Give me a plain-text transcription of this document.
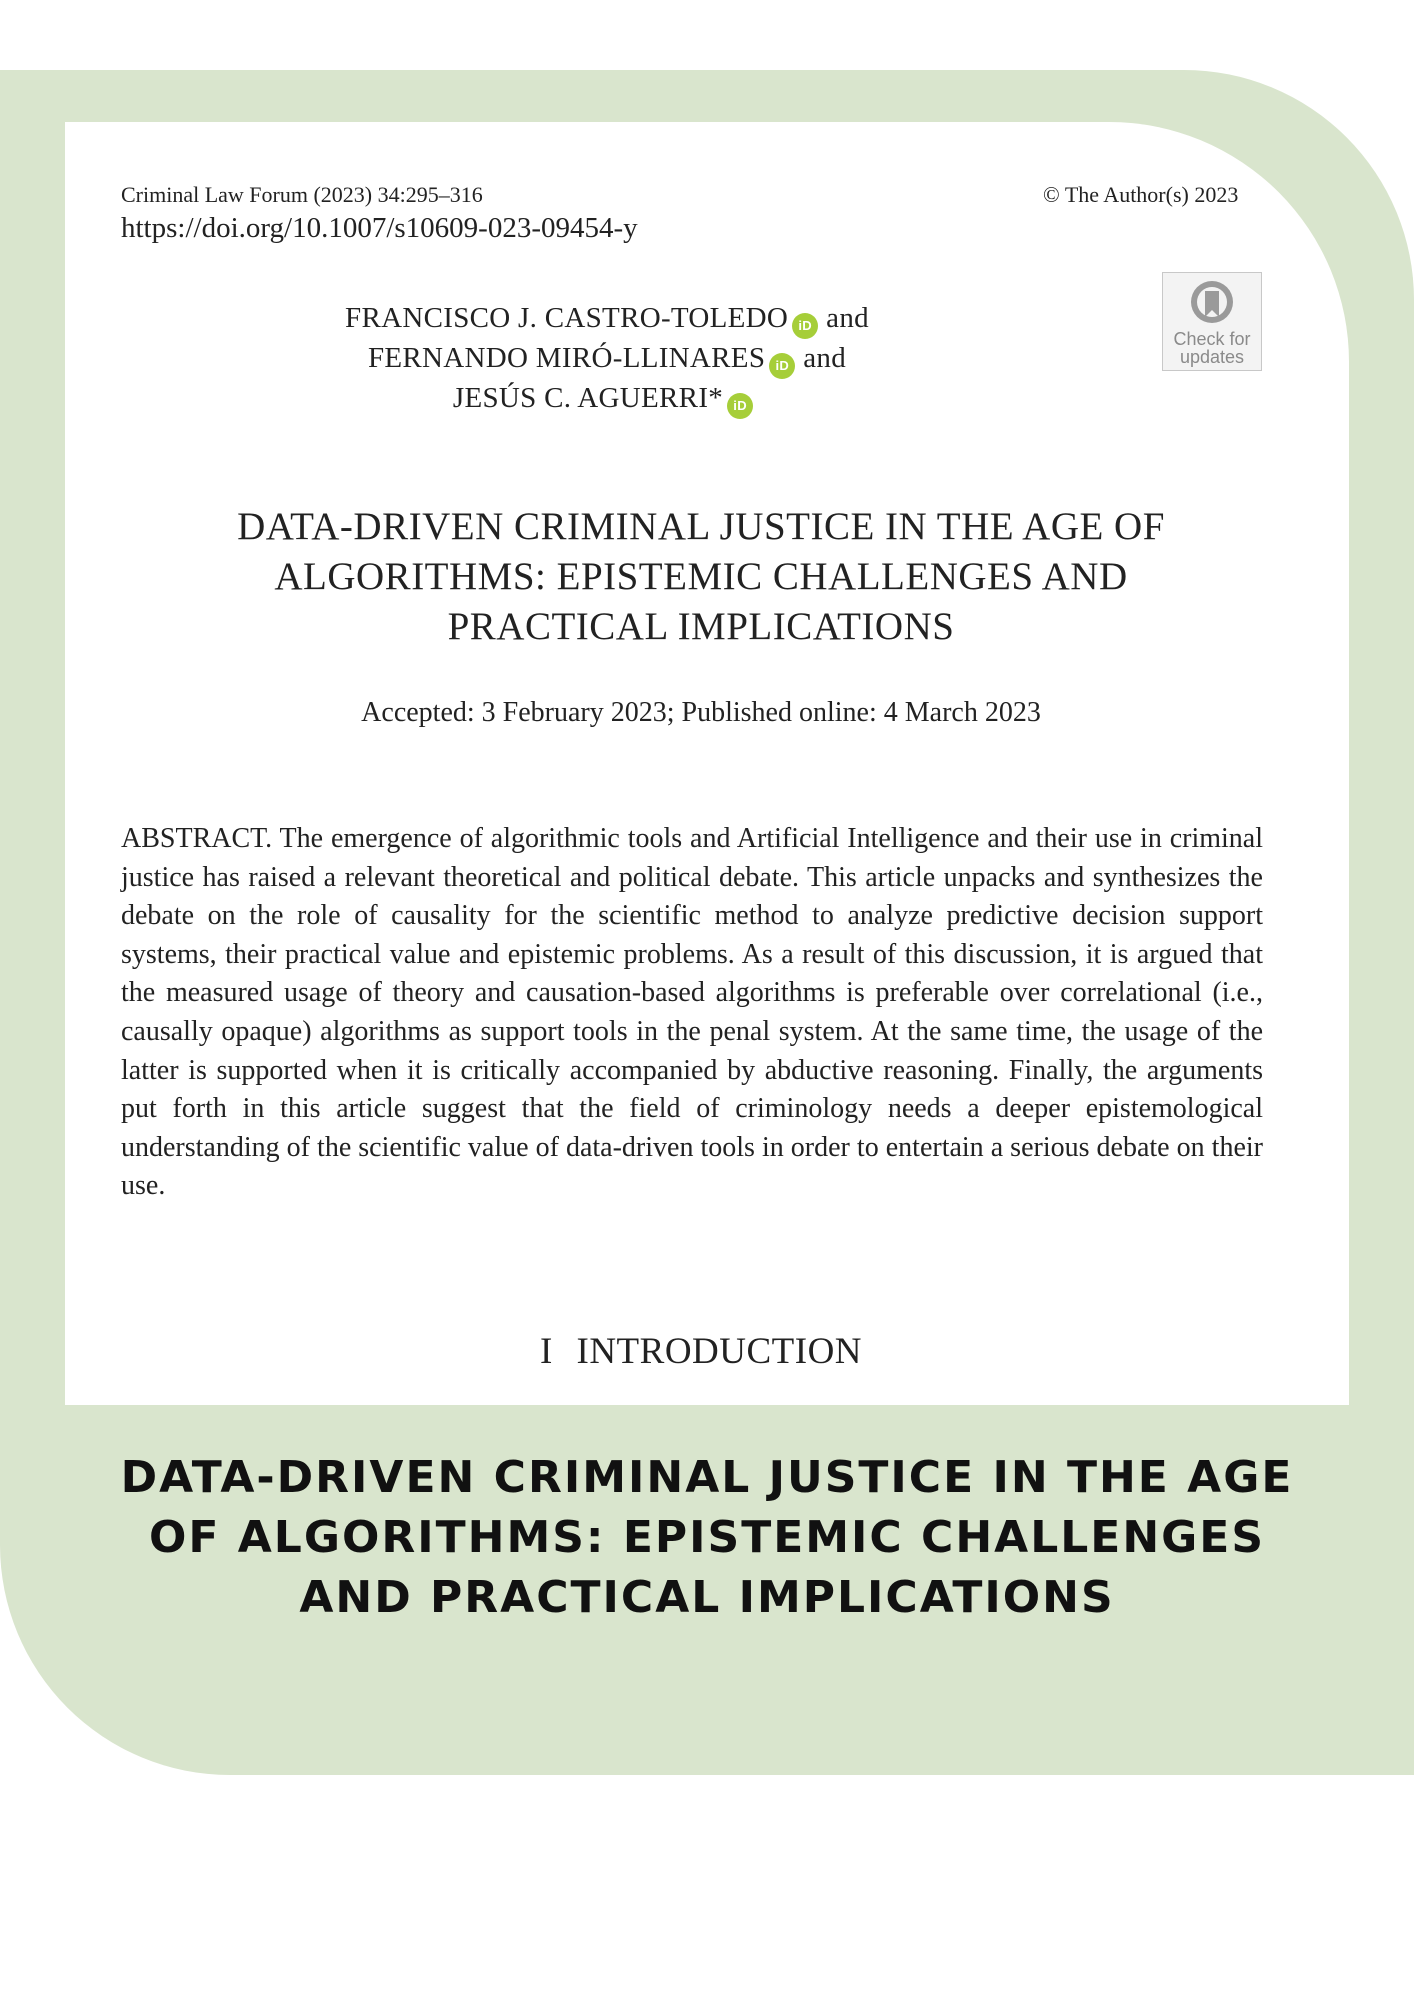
Criminal Law Forum (2023) 34:295–316	© The Author(s) 2023
https://doi.org/10.1007/s10609-023-09454-y
FRANCISCO J. CASTRO-TOLEDO iD and
FERNANDO MIRÓ-LLINARES iD and
JESÚS C. AGUERRI* iD
Check for
updates
DATA-DRIVEN CRIMINAL JUSTICE IN THE AGE OF
ALGORITHMS: EPISTEMIC CHALLENGES AND
PRACTICAL IMPLICATIONS
Accepted: 3 February 2023; Published online: 4 March 2023
ABSTRACT. The emergence of algorithmic tools and Artificial Intelligence and their use in criminal justice has raised a relevant theoretical and political debate. This article unpacks and synthesizes the debate on the role of causality for the scientific method to analyze predictive decision support systems, their practical value and epistemic problems. As a result of this discussion, it is argued that the measured usage of theory and causation-based algorithms is preferable over correlational (i.e., causally opaque) algorithms as support tools in the penal system. At the same time, the usage of the latter is supported when it is critically accompanied by abductive reasoning. Finally, the arguments put forth in this article suggest that the field of criminology needs a deeper epistemological understanding of the scientific value of data-driven tools in order to entertain a serious debate on their use.
I INTRODUCTION
DATA-DRIVEN CRIMINAL JUSTICE IN THE AGE
OF ALGORITHMS: EPISTEMIC CHALLENGES
AND PRACTICAL IMPLICATIONS
